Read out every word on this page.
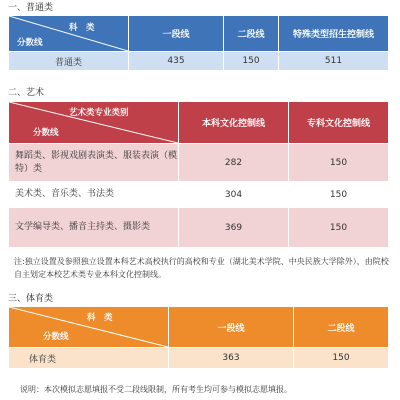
一、普通类
科　类
分数线	一段线	二段线	特殊类型招生控制线
普通类	435	150	511
二、艺术
艺术类专业类别
分数线	本科文化控制线	专科文化控制线
舞蹈类、影视戏剧表演类、服装表演（模特）类	282	150
美术类、音乐类、书法类	304	150
文学编导类、播音主持类、摄影类	369	150
注:独立设置及参照独立设置本科艺术高校执行的高校和专业（湖北美术学院、中央民族大学除外），由院校自主划定本校艺术类专业本科文化控制线。
三、体育类
科　类
分数线	一段线	二段线
体育类	363	150
说明：本次模拟志愿填报不受二段线限制，所有考生均可参与模拟志愿填报。
